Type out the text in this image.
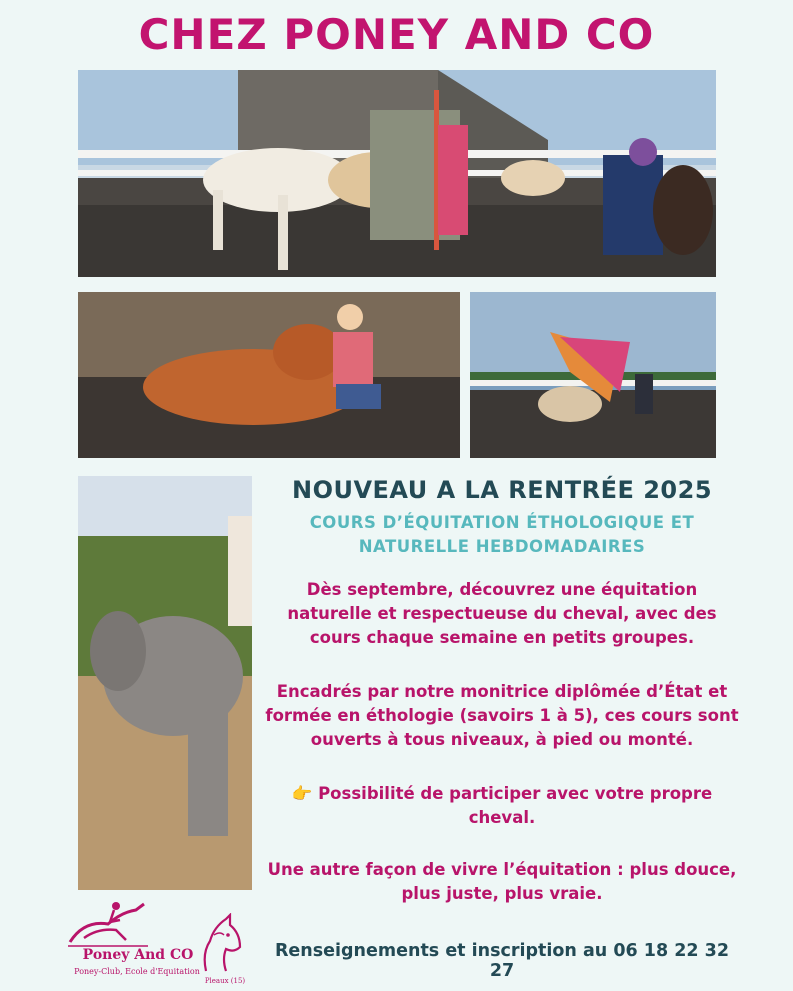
CHEZ PONEY AND CO
NOUVEAU A LA RENTRÉE 2025
COURS D’ÉQUITATION ÉTHOLOGIQUE ET
NATURELLE HEBDOMADAIRES
Dès septembre, découvrez une équitation
naturelle et respectueuse du cheval, avec des
cours chaque semaine en petits groupes.
Encadrés par notre monitrice diplômée d’État et
formée en éthologie (savoirs 1 à 5), ces cours sont
ouverts à tous niveaux, à pied ou monté.
👉 Possibilité de participer avec votre propre
cheval.
Une autre façon de vivre l’équitation : plus douce,
plus juste, plus vraie.
Poney And CO
Poney-Club, Ecole d'Equitation
Pleaux (15)
Renseignements et inscription au 06 18 22 32 27
